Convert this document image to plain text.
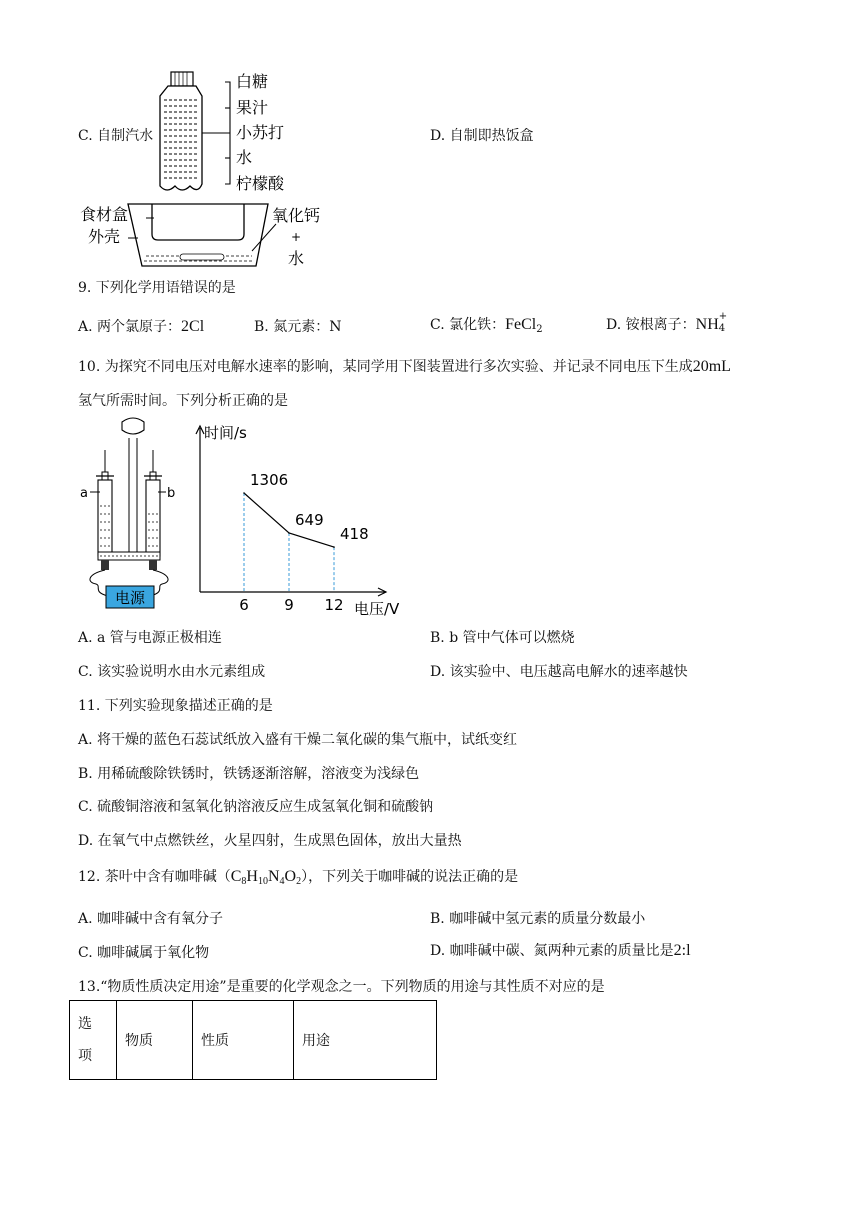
C. 自制汽水	D. 自制即热饭盒
白糖
果汁
小苏打
水
柠檬酸
食材盒
外壳
氧化钙
+
水
9. 下列化学用语错误的是
A. 两个氯原子：2Cl	B. 氮元素：N	C. 氯化铁：FeCl$_2$	D. 铵根离子：NH +
4
10. 为探究不同电压对电解水速率的影响，某同学用下图装置进行多次实验、并记录不同电压下生成20mL
氢气所需时间。下列分析正确的是
a	b
电源
时间/s
电压/V
6
1306
9
649
12
418
A. a 管与电源正极相连	B. b 管中气体可以燃烧
C. 该实验说明水由水元素组成	D. 该实验中、电压越高电解水的速率越快
11. 下列实验现象描述正确的是
A. 将干燥的蓝色石蕊试纸放入盛有干燥二氧化碳的集气瓶中，试纸变红
B. 用稀硫酸除铁锈时，铁锈逐渐溶解，溶液变为浅绿色
C. 硫酸铜溶液和氢氧化钠溶液反应生成氢氧化铜和硫酸钠
D. 在氧气中点燃铁丝，火星四射，生成黑色固体，放出大量热
12. 茶叶中含有咖啡碱$(C_8H_{10}N_4O_2)$，下列关于咖啡碱的说法正确的是
A. 咖啡碱中含有氧分子	B. 咖啡碱中氢元素的质量分数最小
C. 咖啡碱属于氧化物	D. 咖啡碱中碳、氮两种元素的质量比是2:l
13.“物质性质决定用途”是重要的化学观念之一。下列物质的用途与其性质不对应的是
选
项	物质	性质	用途
